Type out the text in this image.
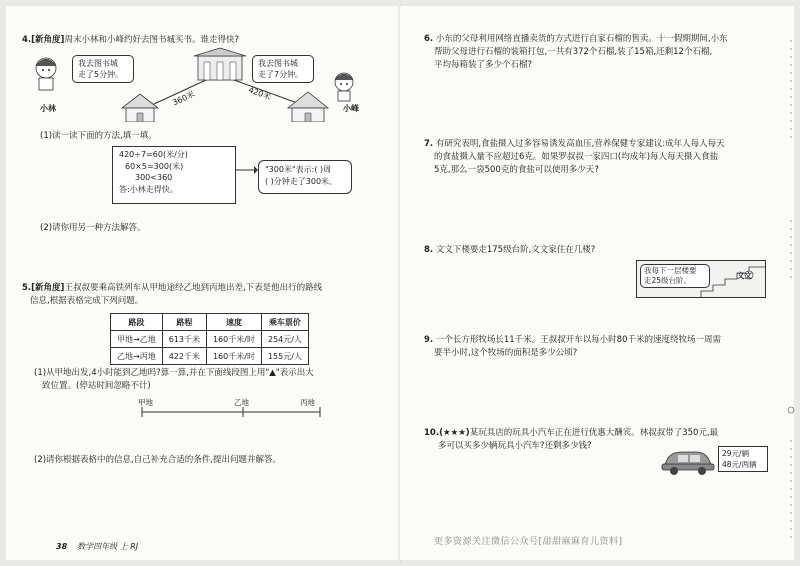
4.[新角度]周末小林和小峰约好去图书城买书。谁走得快?
我去图书城
走了5分钟。
我去图书城
走了7分钟。
小林	小峰
360米	420米
(1)读一读下面的方法,填一填。
420÷7=60(米/分)
60×5=300(米)
300<360
答:小林走得快。
"300米"表示:( )周
( )分钟走了300米。
(2)请你用另一种方法解答。
5.[新角度]王叔叔要乘高铁列车从甲地途经乙地到丙地出差,下表是他出行的路线
信息,根据表格完成下列问题。
路段	路程	速度	乘车票价
甲地→乙地	613千米	160千米/时	254元/人
乙地→丙地	422千米	160千米/时	155元/人
(1)从甲地出发,4小时能到乙地吗?算一算,并在下面线段图上用"▲"表示出大
致位置。(停站时间忽略不计)
甲地	乙地	丙地
(2)请你根据表格中的信息,自己补充合适的条件,提出问题并解答。
38 数学四年级 上 RJ
6. 小东的父母利用网络直播卖货的方式进行自家石榴的售卖。十一假期期间,小东
帮助父母进行石榴的装箱打包,一共有372个石榴,装了15箱,还剩12个石榴,
平均每箱装了多少个石榴?
7. 有研究表明,食盐摄入过多容易诱发高血压,营养保健专家建议:成年人每人每天
的食盐摄入量不应超过6克。如果罗叔叔一家四口(均成年)每人每天摄入食盐
5克,那么一袋500克的食盐可以使用多少天?
8. 文文下楼要走175级台阶,文文家住在几楼?
我每下一层楼要
走25级台阶。
文文
9. 一个长方形牧场长11千米。王叔叔开车以每小时80千米的速度绕牧场一周需
要半小时,这个牧场的面积是多少公顷?
10.(★★★)某玩具店的玩具小汽车正在进行优惠大酬宾。林叔叔带了350元,最
多可以买多少辆玩具小汽车?还剩多少钱?
29元/辆
48元/两辆
更多资源关注微信公众号[甜甜麻麻育儿资料]
